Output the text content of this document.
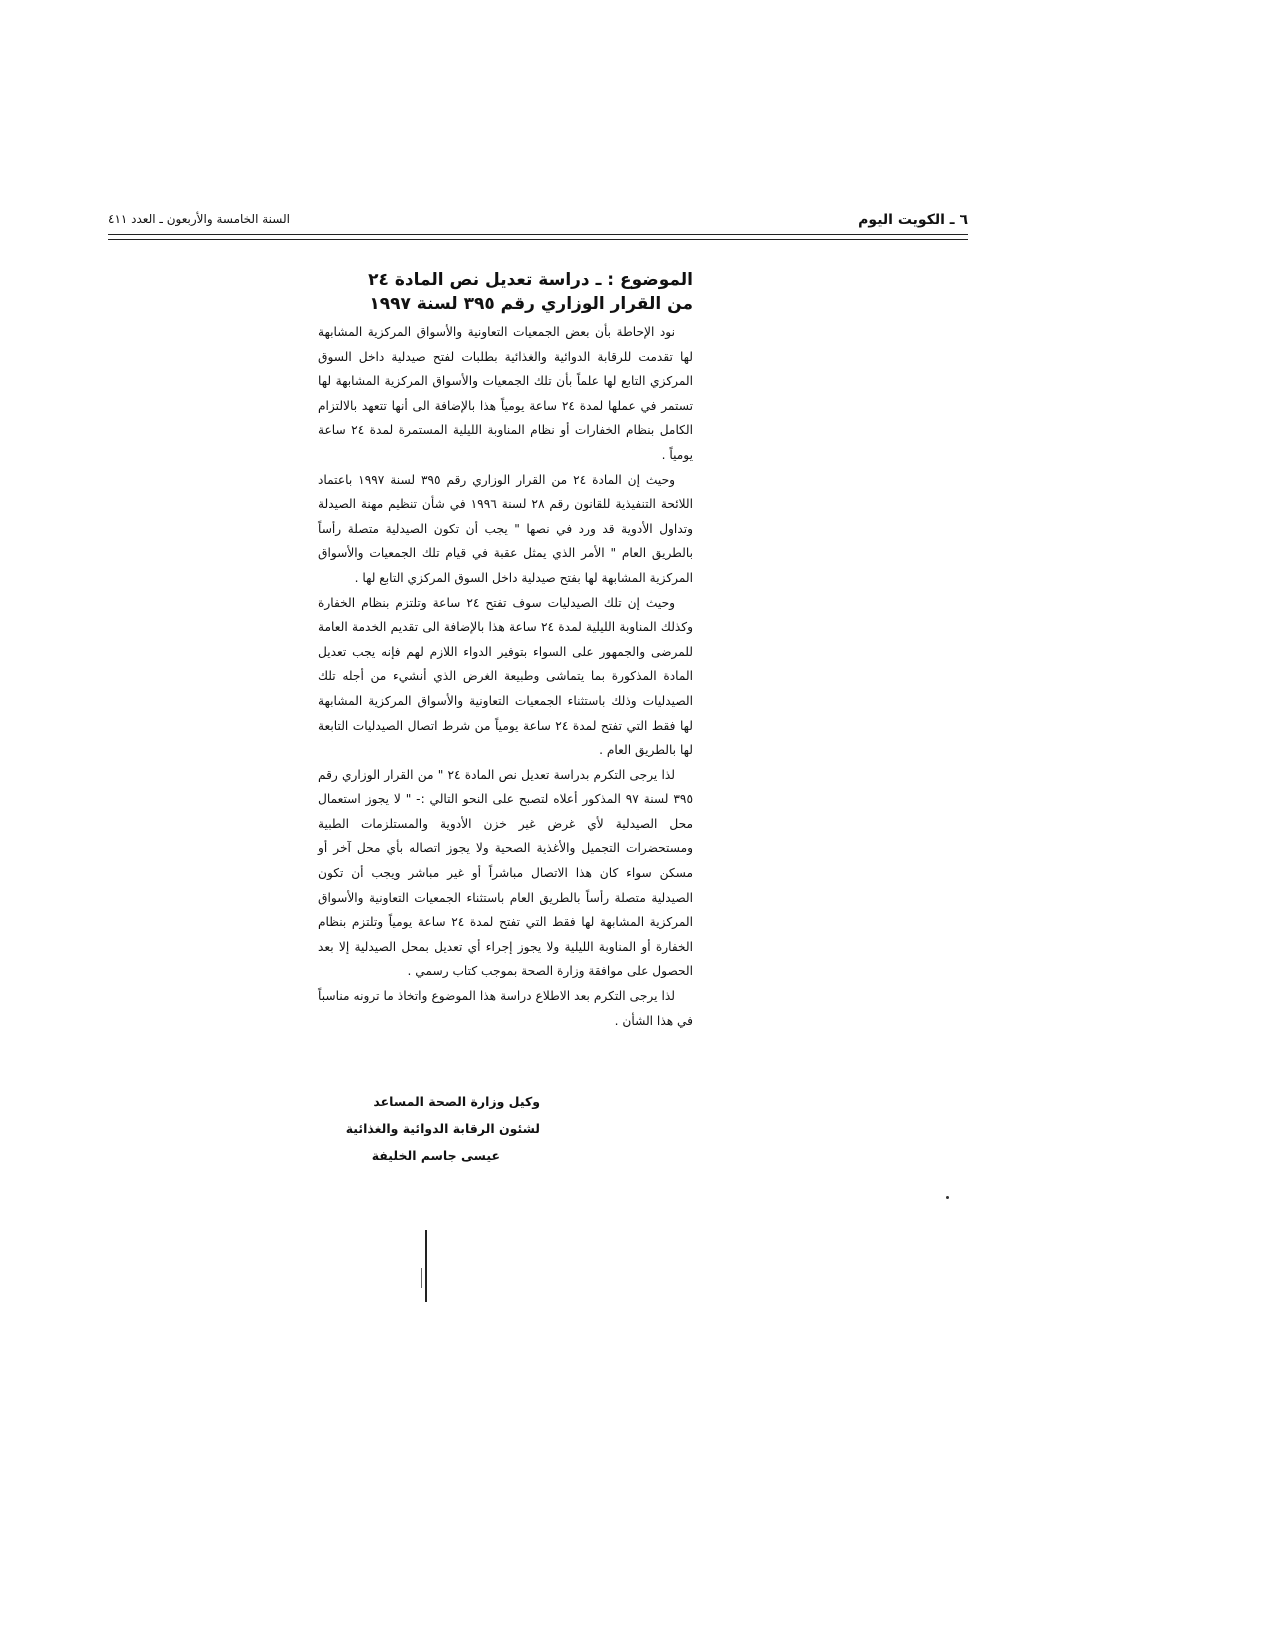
٦ ـ الكويت اليوم
السنة الخامسة والأربعون ـ العدد ٤١١
الموضوع : ـ دراسة تعديل نص المادة ٢٤
من القرار الوزاري رقم ٣٩٥ لسنة ١٩٩٧

نود الإحاطة بأن بعض الجمعيات التعاونية والأسواق المركزية المشابهة لها تقدمت للرقابة الدوائية والغذائية بطلبات لفتح صيدلية داخل السوق المركزي التابع لها علماً بأن تلك الجمعيات والأسواق المركزية المشابهة لها تستمر في عملها لمدة ٢٤ ساعة يومياً هذا بالإضافة الى أنها تتعهد بالالتزام الكامل بنظام الخفارات أو نظام المناوبة الليلية المستمرة لمدة ٢٤ ساعة يومياً .

وحيث إن المادة ٢٤ من القرار الوزاري رقم ٣٩٥ لسنة ١٩٩٧ باعتماد اللائحة التنفيذية للقانون رقم ٢٨ لسنة ١٩٩٦ في شأن تنظيم مهنة الصيدلة وتداول الأدوية قد ورد في نصها " يجب أن تكون الصيدلية متصلة رأساً بالطريق العام " الأمر الذي يمثل عقبة في قيام تلك الجمعيات والأسواق المركزية المشابهة لها بفتح صيدلية داخل السوق المركزي التابع لها .

وحيث إن تلك الصيدليات سوف تفتح ٢٤ ساعة وتلتزم بنظام الخفارة وكذلك المناوبة الليلية لمدة ٢٤ ساعة هذا بالإضافة الى تقديم الخدمة العامة للمرضى والجمهور على السواء بتوفير الدواء اللازم لهم فإنه يجب تعديل المادة المذكورة بما يتماشى وطبيعة الغرض الذي أنشيء من أجله تلك الصيدليات وذلك باستثناء الجمعيات التعاونية والأسواق المركزية المشابهة لها فقط التي تفتح لمدة ٢٤ ساعة يومياً من شرط اتصال الصيدليات التابعة لها بالطريق العام .

لذا يرجى التكرم بدراسة تعديل نص المادة ٢٤ " من القرار الوزاري رقم ٣٩٥ لسنة ٩٧ المذكور أعلاه لتصبح على النحو التالي :- " لا يجوز استعمال محل الصيدلية لأي غرض غير خزن الأدوية والمستلزمات الطبية ومستحضرات التجميل والأغذية الصحية ولا يجوز اتصاله بأي محل آخر أو مسكن سواء كان هذا الاتصال مباشراً أو غير مباشر ويجب أن تكون الصيدلية متصلة رأساً بالطريق العام باستثناء الجمعيات التعاونية والأسواق المركزية المشابهة لها فقط التي تفتح لمدة ٢٤ ساعة يومياً وتلتزم بنظام الخفارة أو المناوبة الليلية ولا يجوز إجراء أي تعديل بمحل الصيدلية إلا بعد الحصول على موافقة وزارة الصحة بموجب كتاب رسمي .

لذا يرجى التكرم بعد الاطلاع دراسة هذا الموضوع واتخاذ ما ترونه مناسباً في هذا الشأن .

وكيل وزارة الصحة المساعد
لشئون الرقابة الدوائية والغذائية
عيسى جاسم الخليفة
